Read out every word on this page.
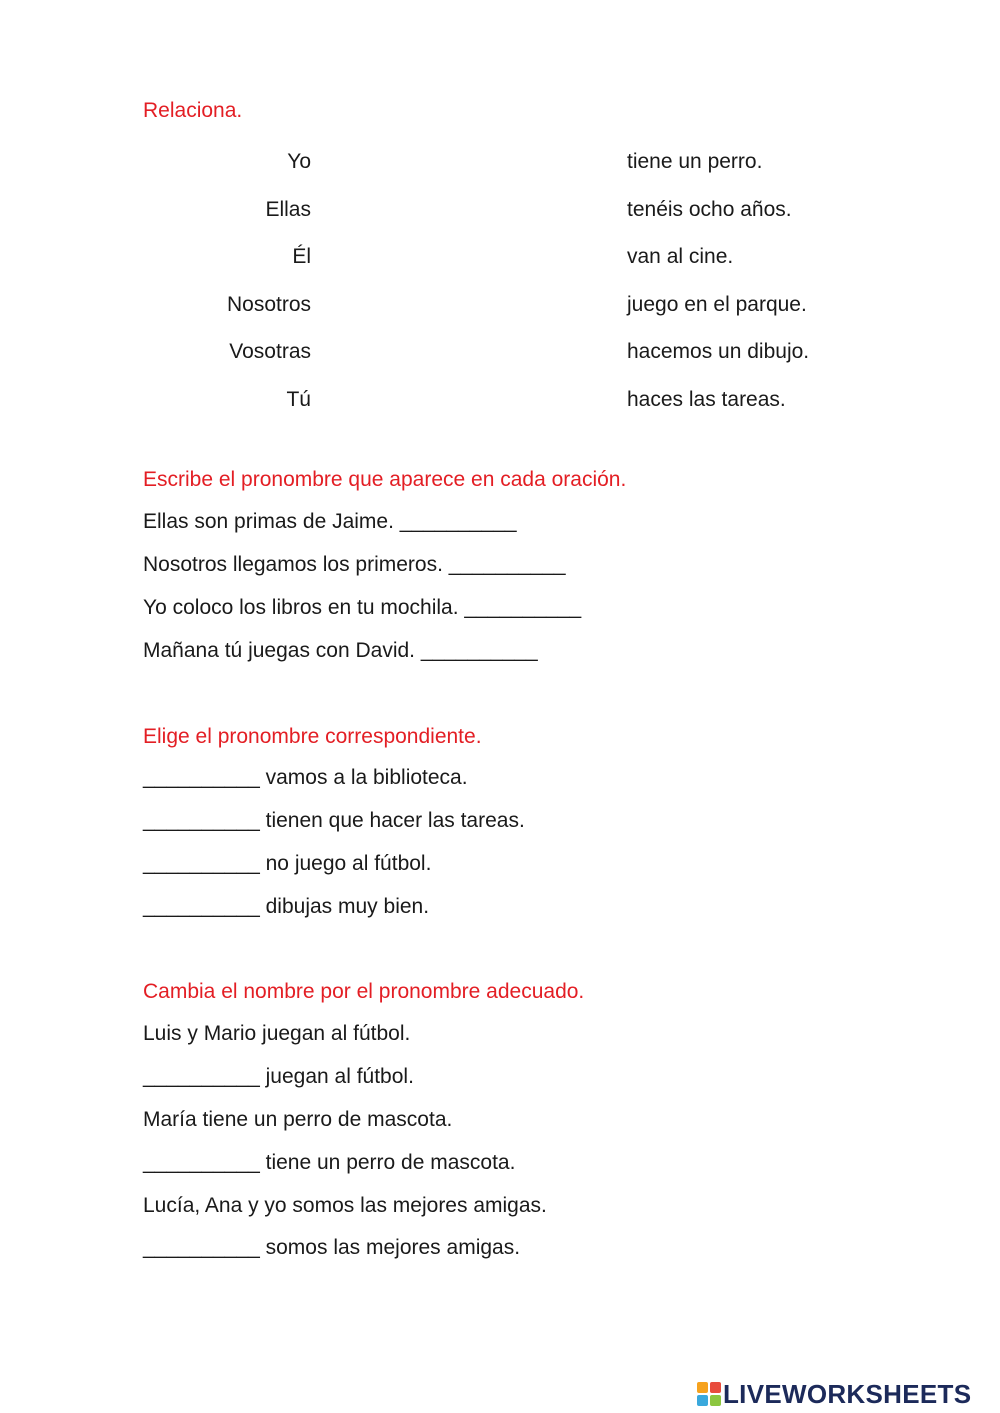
Relaciona.
Yo
Ellas
Él
Nosotros
Vosotras
Tú
tiene un perro.
tenéis ocho años.
van al cine.
juego en el parque.
hacemos un dibujo.
haces las tareas.
Escribe el pronombre que aparece en cada oración.
Ellas son primas de Jaime. __________
Nosotros llegamos los primeros. __________
Yo coloco los libros en tu mochila. __________
Mañana tú juegas con David. __________
Elige el pronombre correspondiente.
__________ vamos a la biblioteca.
__________ tienen que hacer las tareas.
__________ no juego al fútbol.
__________ dibujas muy bien.
Cambia el nombre por el pronombre adecuado.
Luis y Mario juegan al fútbol.
__________ juegan al fútbol.
María tiene un perro de mascota.
__________ tiene un perro de mascota.
Lucía, Ana y yo somos las mejores amigas.
__________ somos las mejores amigas.
LIVEWORKSHEETS
